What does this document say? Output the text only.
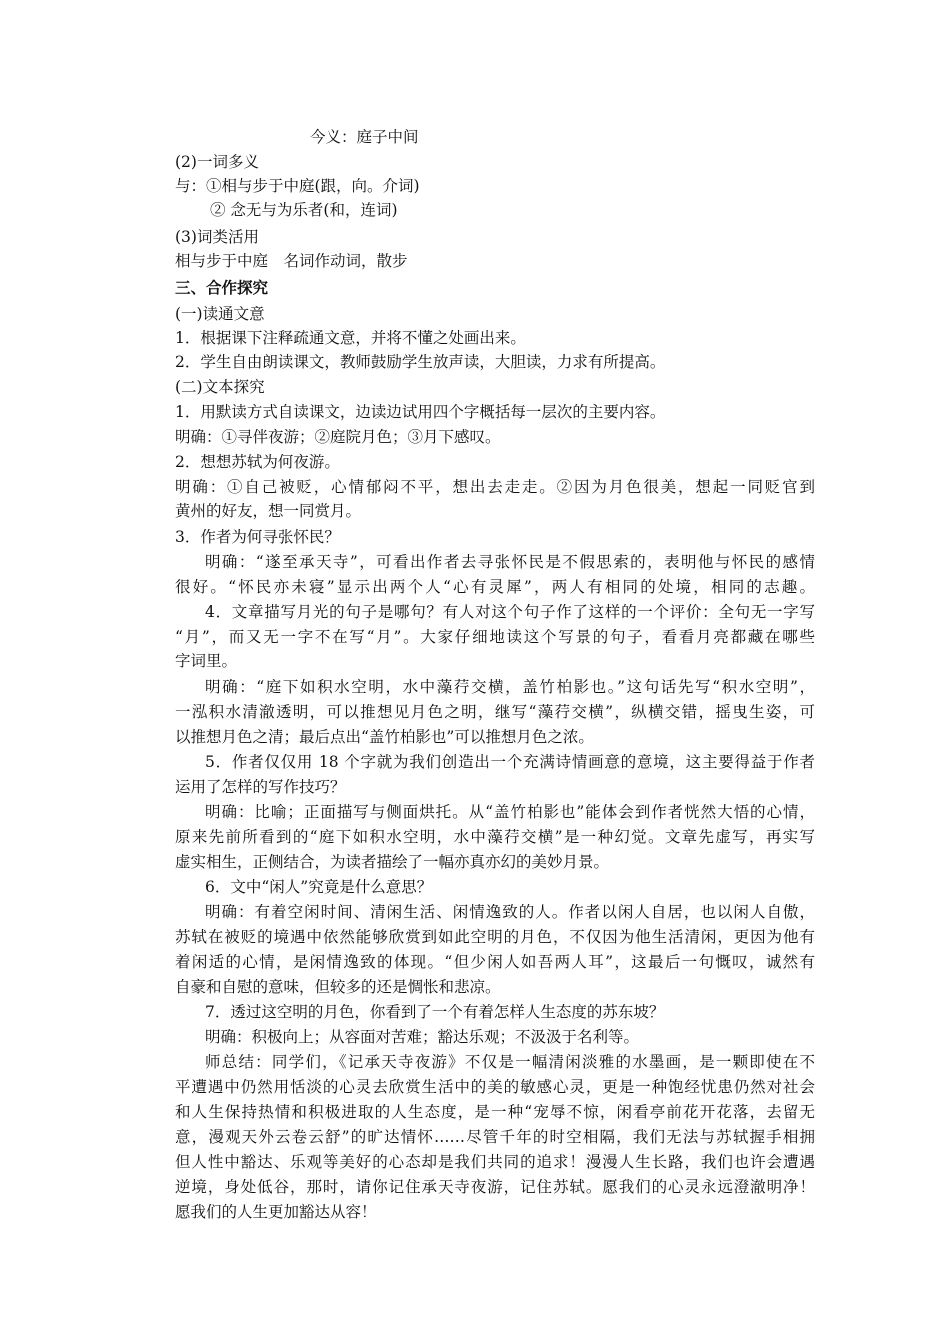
今义：庭子中间
(2)一词多义
与：①相与步于中庭(跟，向。介词)
② 念无与为乐者(和，连词)
(3)词类活用
相与步于中庭　名词作动词，散步
三、合作探究
(一)读通文意
1．根据课下注释疏通文意，并将不懂之处画出来。
2．学生自由朗读课文，教师鼓励学生放声读，大胆读，力求有所提高。
(二)文本探究
1．用默读方式自读课文，边读边试用四个字概括每一层次的主要内容。
明确：①寻伴夜游；②庭院月色；③月下感叹。
2．想想苏轼为何夜游。
明确：①自己被贬，心情郁闷不平，想出去走走。②因为月色很美，想起一同贬官到
黄州的好友，想一同赏月。
3．作者为何寻张怀民？
明确：“遂至承天寺”，可看出作者去寻张怀民是不假思索的，表明他与怀民的感情
很好。“怀民亦未寝”显示出两个人“心有灵犀”，两人有相同的处境，相同的志趣。
4．文章描写月光的句子是哪句？有人对这个句子作了这样的一个评价：全句无一字写
“月”，而又无一字不在写“月”。大家仔细地读这个写景的句子，看看月亮都藏在哪些
字词里。
明确：“庭下如积水空明，水中藻荇交横，盖竹柏影也。”这句话先写“积水空明”，
一泓积水清澈透明，可以推想见月色之明，继写“藻荇交横”，纵横交错，摇曳生姿，可
以推想月色之清；最后点出“盖竹柏影也”可以推想月色之浓。
5．作者仅仅用 18 个字就为我们创造出一个充满诗情画意的意境，这主要得益于作者
运用了怎样的写作技巧？
明确：比喻；正面描写与侧面烘托。从“盖竹柏影也”能体会到作者恍然大悟的心情，
原来先前所看到的“庭下如积水空明，水中藻荇交横”是一种幻觉。文章先虚写，再实写
虚实相生，正侧结合，为读者描绘了一幅亦真亦幻的美妙月景。
6．文中“闲人”究竟是什么意思？
明确：有着空闲时间、清闲生活、闲情逸致的人。作者以闲人自居，也以闲人自傲，
苏轼在被贬的境遇中依然能够欣赏到如此空明的月色，不仅因为他生活清闲，更因为他有
着闲适的心情，是闲情逸致的体现。“但少闲人如吾两人耳”，这最后一句慨叹，诚然有
自豪和自慰的意味，但较多的还是惆怅和悲凉。
7．透过这空明的月色，你看到了一个有着怎样人生态度的苏东坡？
明确：积极向上；从容面对苦难；豁达乐观；不汲汲于名利等。
师总结：同学们，《记承天寺夜游》不仅是一幅清闲淡雅的水墨画，是一颗即使在不
平遭遇中仍然用恬淡的心灵去欣赏生活中的美的敏感心灵，更是一种饱经忧患仍然对社会
和人生保持热情和积极进取的人生态度，是一种“宠辱不惊，闲看亭前花开花落，去留无
意，漫观天外云卷云舒”的旷达情怀……尽管千年的时空相隔，我们无法与苏轼握手相拥
但人性中豁达、乐观等美好的心态却是我们共同的追求！漫漫人生长路，我们也许会遭遇
逆境，身处低谷，那时，请你记住承天寺夜游，记住苏轼。愿我们的心灵永远澄澈明净！
愿我们的人生更加豁达从容！
